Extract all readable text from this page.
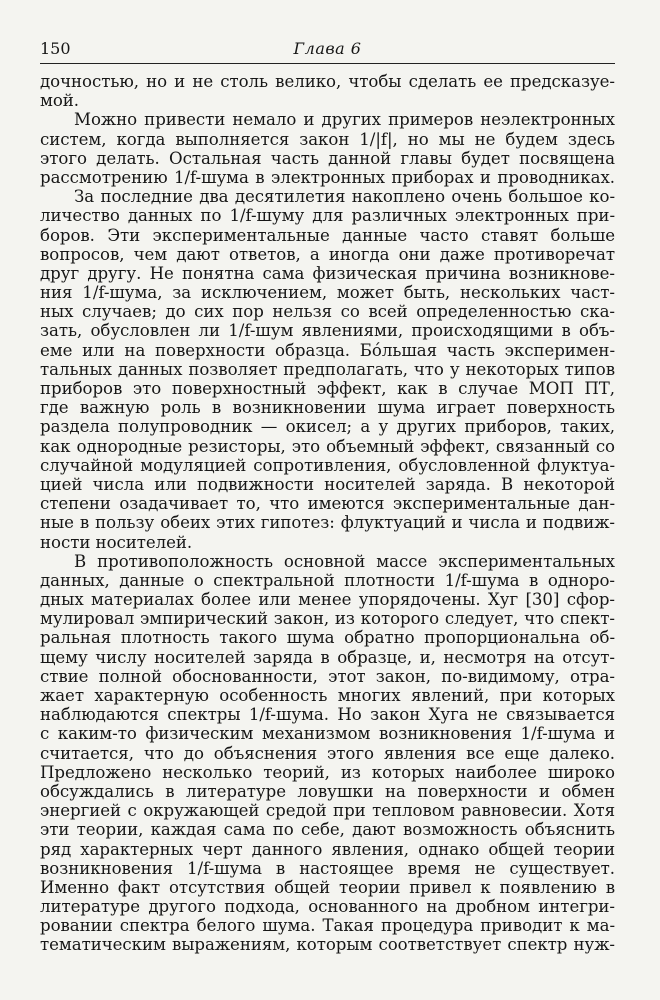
150	Глава 6
дочностью, но и не столь велико, чтобы сделать ее предсказуе-
мой.
Можно привести немало и других примеров неэлектронных
систем, когда выполняется закон 1/|f|, но мы не будем здесь
этого делать. Остальная часть данной главы будет посвящена
рассмотрению 1/f-шума в электронных приборах и проводниках.
За последние два десятилетия накоплено очень большое ко-
личество данных по 1/f-шуму для различных электронных при-
боров. Эти экспериментальные данные часто ставят больше
вопросов, чем дают ответов, а иногда они даже противоречат
друг другу. Не понятна сама физическая причина возникнове-
ния 1/f-шума, за исключением, может быть, нескольких част-
ных случаев; до сих пор нельзя со всей определенностью ска-
зать, обусловлен ли 1/f-шум явлениями, происходящими в объ-
еме или на поверхности образца. Бóльшая часть эксперимен-
тальных данных позволяет предполагать, что у некоторых типов
приборов это поверхностный эффект, как в случае МОП ПТ,
где важную роль в возникновении шума играет поверхность
раздела полупроводник — окисел; а у других приборов, таких,
как однородные резисторы, это объемный эффект, связанный со
случайной модуляцией сопротивления, обусловленной флуктуа-
цией числа или подвижности носителей заряда. В некоторой
степени озадачивает то, что имеются экспериментальные дан-
ные в пользу обеих этих гипотез: флуктуаций и числа и подвиж-
ности носителей.
В противоположность основной массе экспериментальных
данных, данные о спектральной плотности 1/f-шума в одноро-
дных материалах более или менее упорядочены. Хуг [30] сфор-
мулировал эмпирический закон, из которого следует, что спект-
ральная плотность такого шума обратно пропорциональна об-
щему числу носителей заряда в образце, и, несмотря на отсут-
ствие полной обоснованности, этот закон, по-видимому, отра-
жает характерную особенность многих явлений, при которых
наблюдаются спектры 1/f-шума. Но закон Хуга не связывается
с каким-то физическим механизмом возникновения 1/f-шума и
считается, что до объяснения этого явления все еще далеко.
Предложено несколько теорий, из которых наиболее широко
обсуждались в литературе ловушки на поверхности и обмен
энергией с окружающей средой при тепловом равновесии. Хотя
эти теории, каждая сама по себе, дают возможность объяснить
ряд характерных черт данного явления, однако общей теории
возникновения 1/f-шума в настоящее время не существует.
Именно факт отсутствия общей теории привел к появлению в
литературе другого подхода, основанного на дробном интегри-
ровании спектра белого шума. Такая процедура приводит к ма-
тематическим выражениям, которым соответствует спектр нуж-
